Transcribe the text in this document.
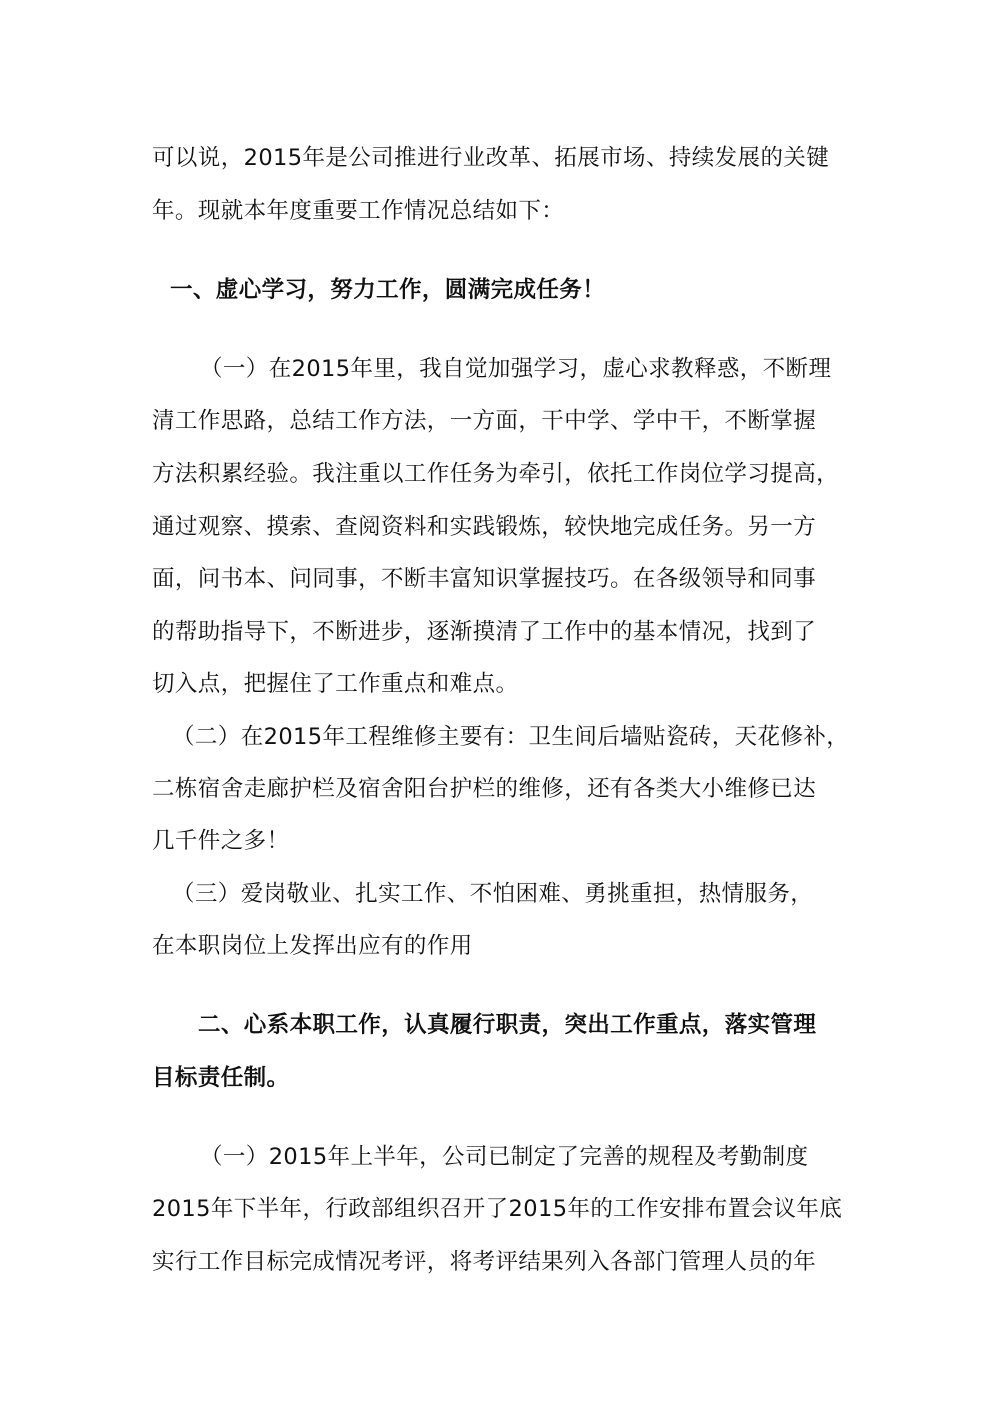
可以说，2015年是公司推进行业改革、拓展市场、持续发展的关键
年。现就本年度重要工作情况总结如下：
一、虚心学习，努力工作，圆满完成任务！
（一）在2015年里，我自觉加强学习，虚心求教释惑，不断理
清工作思路，总结工作方法，一方面，干中学、学中干，不断掌握
方法积累经验。我注重以工作任务为牵引，依托工作岗位学习提高，
通过观察、摸索、查阅资料和实践锻炼，较快地完成任务。另一方
面，问书本、问同事，不断丰富知识掌握技巧。在各级领导和同事
的帮助指导下，不断进步，逐渐摸清了工作中的基本情况，找到了
切入点，把握住了工作重点和难点。
（二）在2015年工程维修主要有：卫生间后墙贴瓷砖，天花修补，
二栋宿舍走廊护栏及宿舍阳台护栏的维修，还有各类大小维修已达
几千件之多！
（三）爱岗敬业、扎实工作、不怕困难、勇挑重担，热情服务，
在本职岗位上发挥出应有的作用
二、心系本职工作，认真履行职责，突出工作重点，落实管理
目标责任制。
（一）2015年上半年，公司已制定了完善的规程及考勤制度
2015年下半年，行政部组织召开了2015年的工作安排布置会议年底
实行工作目标完成情况考评，将考评结果列入各部门管理人员的年
